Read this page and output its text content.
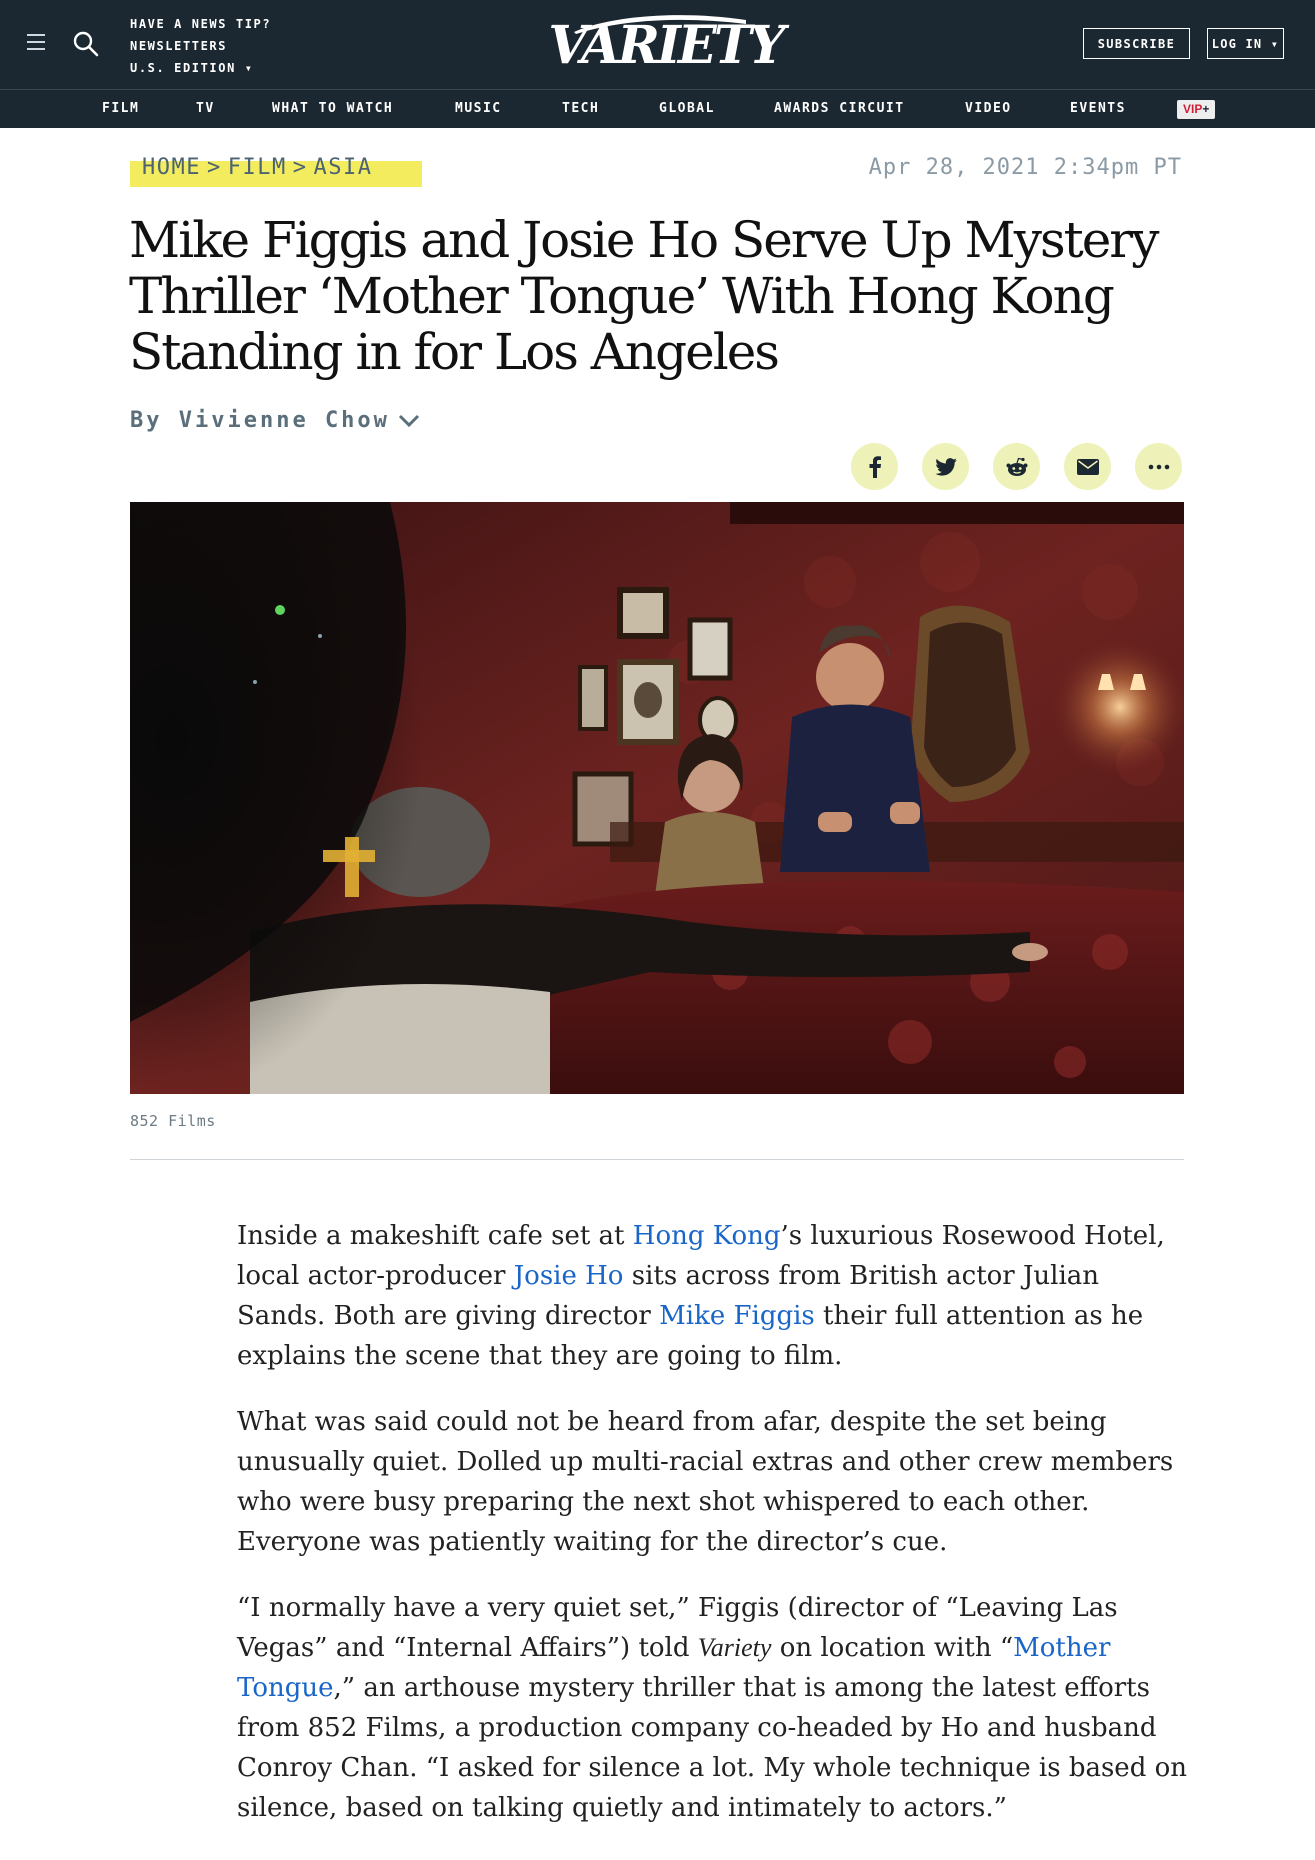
HAVE A NEWS TIP?
NEWSLETTERS
U.S. EDITION ▾	VARIETY	SUBSCRIBE	LOG IN ▾
FILM	TV	WHAT TO WATCH	MUSIC	TECH	GLOBAL	AWARDS CIRCUIT	VIDEO	EVENTS	VIP+
HOME > FILM > ASIA	Apr 28, 2021 2:34pm PT
Mike Figgis and Josie Ho Serve Up Mystery Thriller ‘Mother Tongue’ With Hong Kong Standing in for Los Angeles
By Vivienne Chow
852 Films

Inside a makeshift cafe set at Hong Kong’s luxurious Rosewood Hotel, local actor-producer Josie Ho sits across from British actor Julian Sands. Both are giving director Mike Figgis their full attention as he explains the scene that they are going to film.

What was said could not be heard from afar, despite the set being unusually quiet. Dolled up multi-racial extras and other crew members who were busy preparing the next shot whispered to each other. Everyone was patiently waiting for the director’s cue.

“I normally have a very quiet set,” Figgis (director of “Leaving Las Vegas” and “Internal Affairs”) told Variety on location with “Mother Tongue,” an arthouse mystery thriller that is among the latest efforts from 852 Films, a production company co-headed by Ho and husband Conroy Chan. “I asked for silence a lot. My whole technique is based on silence, based on talking quietly and intimately to actors.”
